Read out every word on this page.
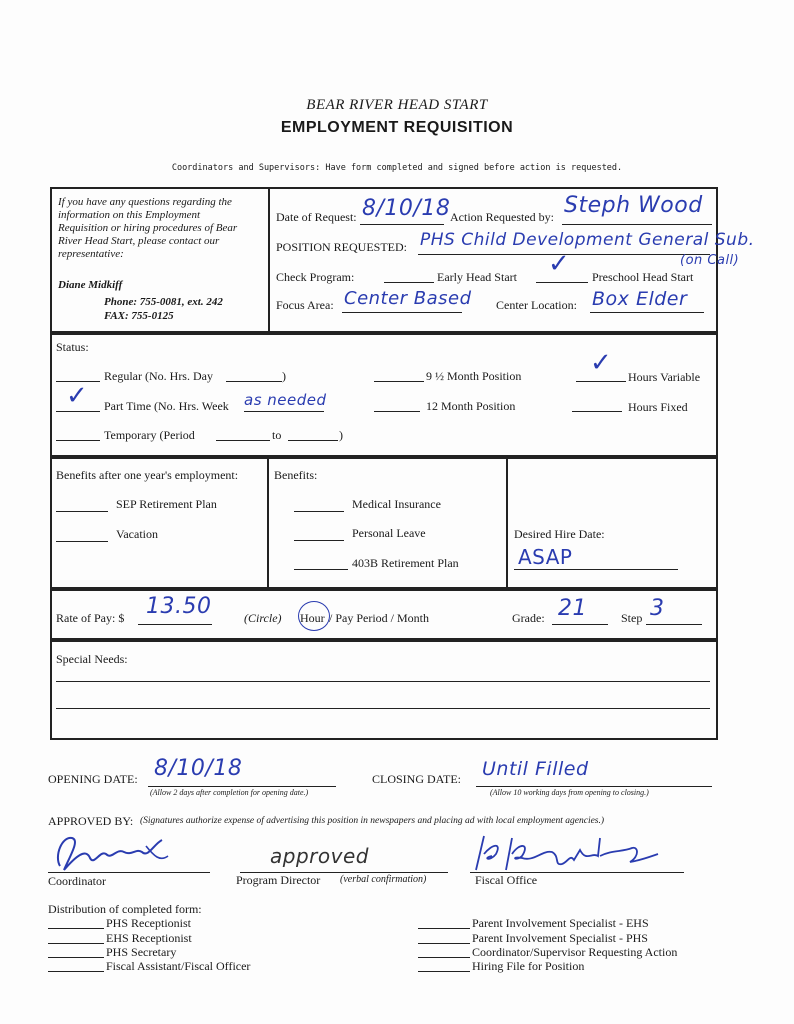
BEAR RIVER HEAD START
EMPLOYMENT REQUISITION
Coordinators and Supervisors: Have form completed and signed before action is requested.
If you have any questions regarding the
information on this Employment
Requisition or hiring procedures of Bear
River Head Start, please contact our
representative:
Diane Midkiff
Phone: 755-0081, ext. 242
FAX: 755-0125
Date of Request: 8/10/18 Action Requested by: Steph Wood
POSITION REQUESTED: PHS Child Development General Sub.
(on Call)
Check Program:	Early Head Start ✓ Preschool Head Start
Focus Area: Center Based Center Location: Box Elder
Status:
Regular (No. Hrs. Day	)	9 ½ Month Position	✓ Hours Variable
✓ Part Time (No. Hrs. Week as needed	12 Month Position	Hours Fixed
Temporary (Period	to	)
Benefits after one year's employment:
SEP Retirement Plan
Vacation
Benefits:
Medical Insurance
Personal Leave
403B Retirement Plan
Desired Hire Date:
ASAP
Rate of Pay: $ 13.50	(Circle) Hour / Pay Period / Month	Grade: 21	Step 3
Special Needs:
OPENING DATE: 8/10/18
(Allow 2 days after completion for opening date.)
CLOSING DATE: Until Filled
(Allow 10 working days from opening to closing.)
APPROVED BY: (Signatures authorize expense of advertising this position in newspapers and placing ad with local employment agencies.)
Coordinator
approved
Program Director (verbal confirmation)	Fiscal Office
Distribution of completed form:
PHS Receptionist
EHS Receptionist
PHS Secretary
Fiscal Assistant/Fiscal Officer
Parent Involvement Specialist - EHS
Parent Involvement Specialist - PHS
Coordinator/Supervisor Requesting Action
Hiring File for Position
